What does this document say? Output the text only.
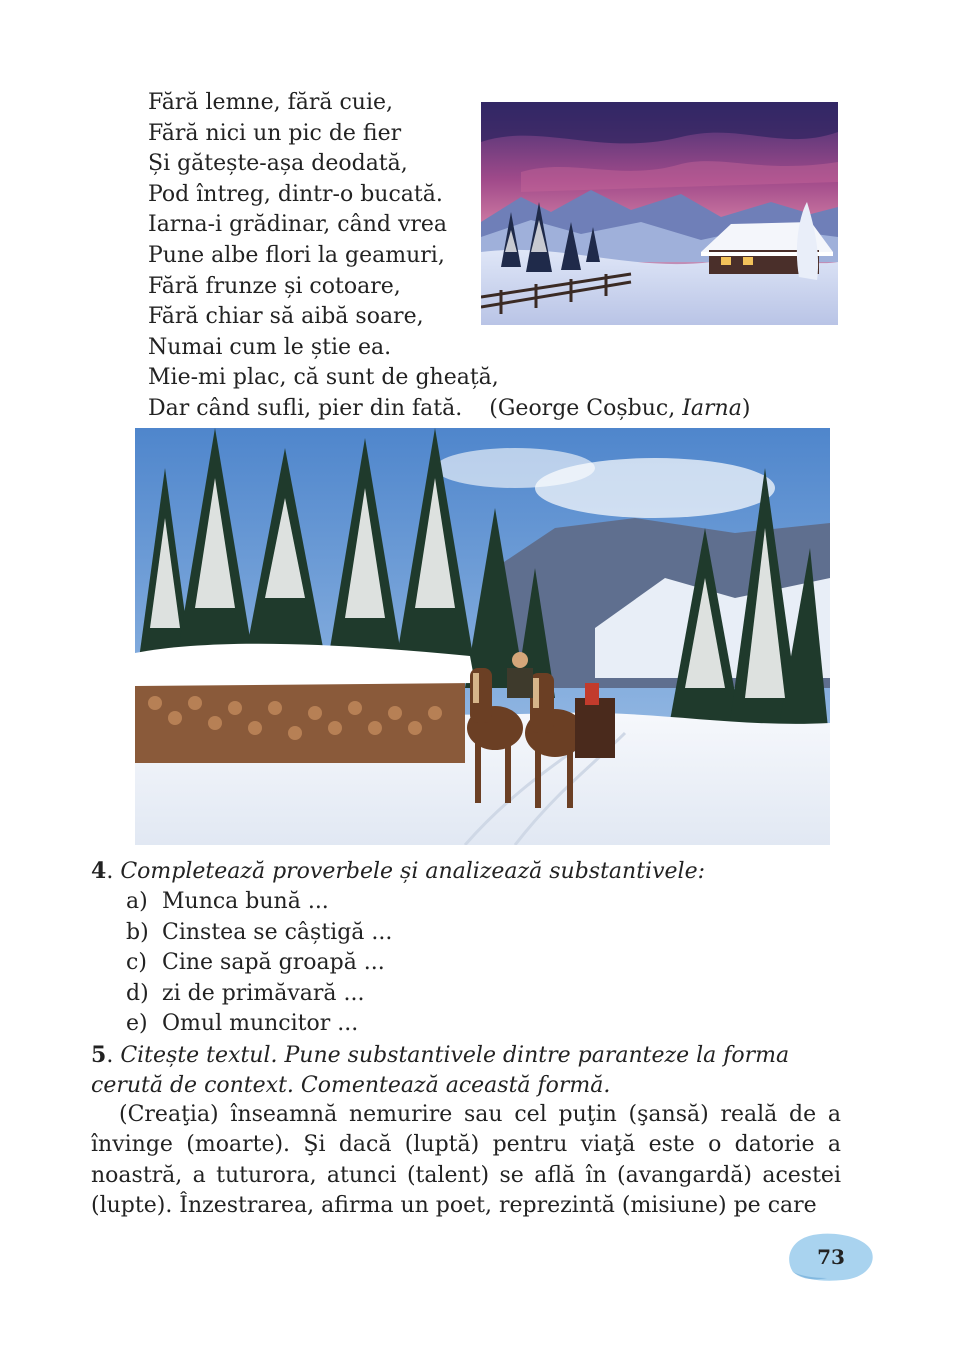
Fără lemne, fără cuie,
Fără nici un pic de fier
Și gătește-așa deodată,
Pod întreg, dintr-o bucată.
Iarna-i grădinar, când vrea
Pune albe flori la geamuri,
Fără frunze și cotoare,
Fără chiar să aibă soare,
Numai cum le știe ea.
Mie-mi plac, că sunt de gheață,
Dar când sufli, pier din fată. (George Coșbuc, Iarna)
4. Completează proverbele și analizează substantivele:
a) Munca bună ...
b) Cinstea se câștigă ...
c) Cine sapă groapă ...
d) zi de primăvară ...
e) Omul muncitor ...
5. Citește textul. Pune substantivele dintre paranteze la forma cerută de context. Comentează această formă.
(Creaţia) înseamnă nemurire sau cel puţin (şansă) reală de a învinge (moarte). Şi dacă (luptă) pentru viaţă este o datorie a noastră, a tuturora, atunci (talent) se află în (avangardă) acestei (lupte). Înzestrarea, afirma un poet, reprezintă (misiune) pe care
73
